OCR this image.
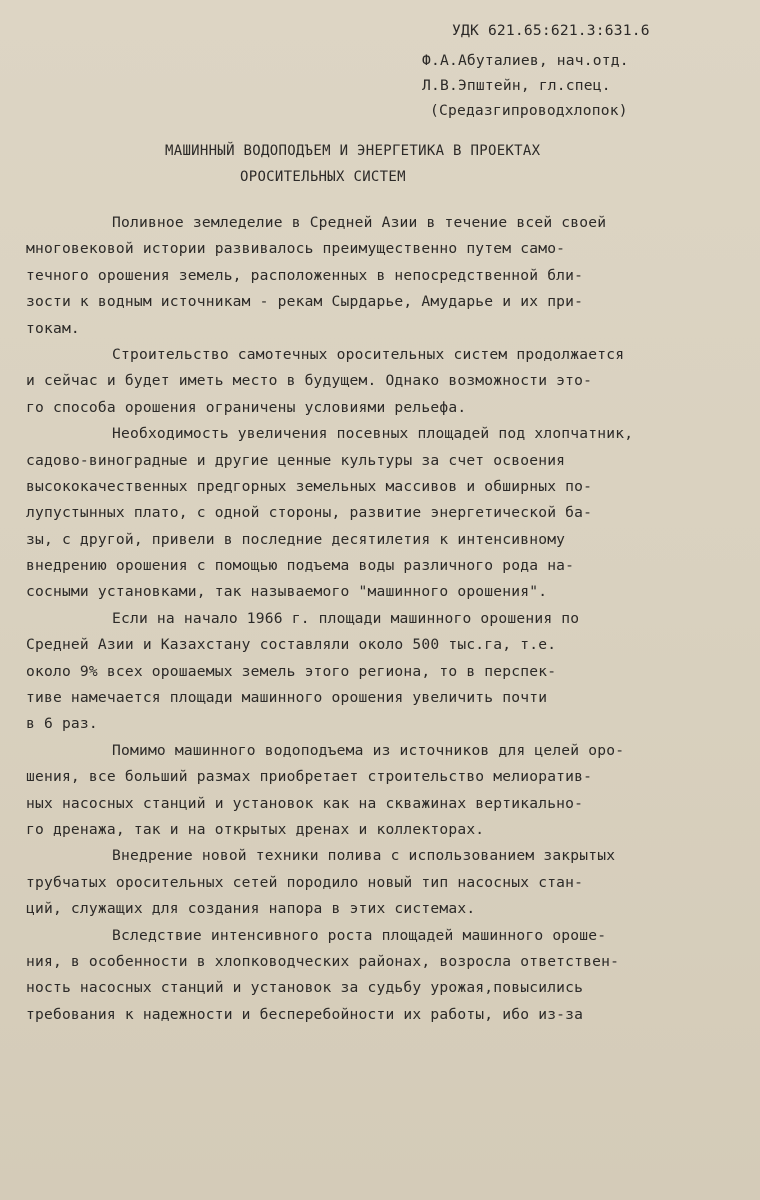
УДК 621.65:621.3:631.6
Ф.А.Абуталиев, нач.отд.
Л.В.Эпштейн, гл.спец.
(Средазгипроводхлопок)
МАШИННЫЙ ВОДОПОДЪЕМ И ЭНЕРГЕТИКА В ПРОЕКТАХ
ОРОСИТЕЛЬНЫХ СИСТЕМ
Поливное земледелие в Средней Азии в течение всей своей
многовековой истории развивалось преимущественно путем само-
течного орошения земель, расположенных в непосредственной бли-
зости к водным источникам - рекам Сырдарье, Амударье и их при-
токам.
Строительство самотечных оросительных систем продолжается
и сейчас и будет иметь место в будущем. Однако возможности это-
го способа орошения ограничены условиями рельефа.
Необходимость увеличения посевных площадей под хлопчатник,
садово-виноградные и другие ценные культуры за счет освоения
высококачественных предгорных земельных массивов и обширных по-
лупустынных плато, с одной стороны, развитие энергетической ба-
зы, с другой, привели в последние десятилетия к интенсивному
внедрению орошения с помощью подъема воды различного рода на-
сосными установками, так называемого "машинного орошения".
Если на начало 1966 г. площади машинного орошения по
Средней Азии и Казахстану составляли около 500 тыс.га, т.е.
около 9% всех орошаемых земель этого региона, то в перспек-
тиве намечается площади машинного орошения увеличить почти
в 6 раз.
Помимо машинного водоподъема из источников для целей оро-
шения, все больший размах приобретает строительство мелиоратив-
ных насосных станций и установок как на скважинах вертикально-
го дренажа, так и на открытых дренах и коллекторах.
Внедрение новой техники полива с использованием закрытых
трубчатых оросительных сетей породило новый тип насосных стан-
ций, служащих для создания напора в этих системах.
Вследствие интенсивного роста площадей машинного ороше-
ния, в особенности в хлопководческих районах, возросла ответствен-
ность насосных станций и установок за судьбу урожая,повысились
требования к надежности и бесперебойности их работы, ибо из-за
